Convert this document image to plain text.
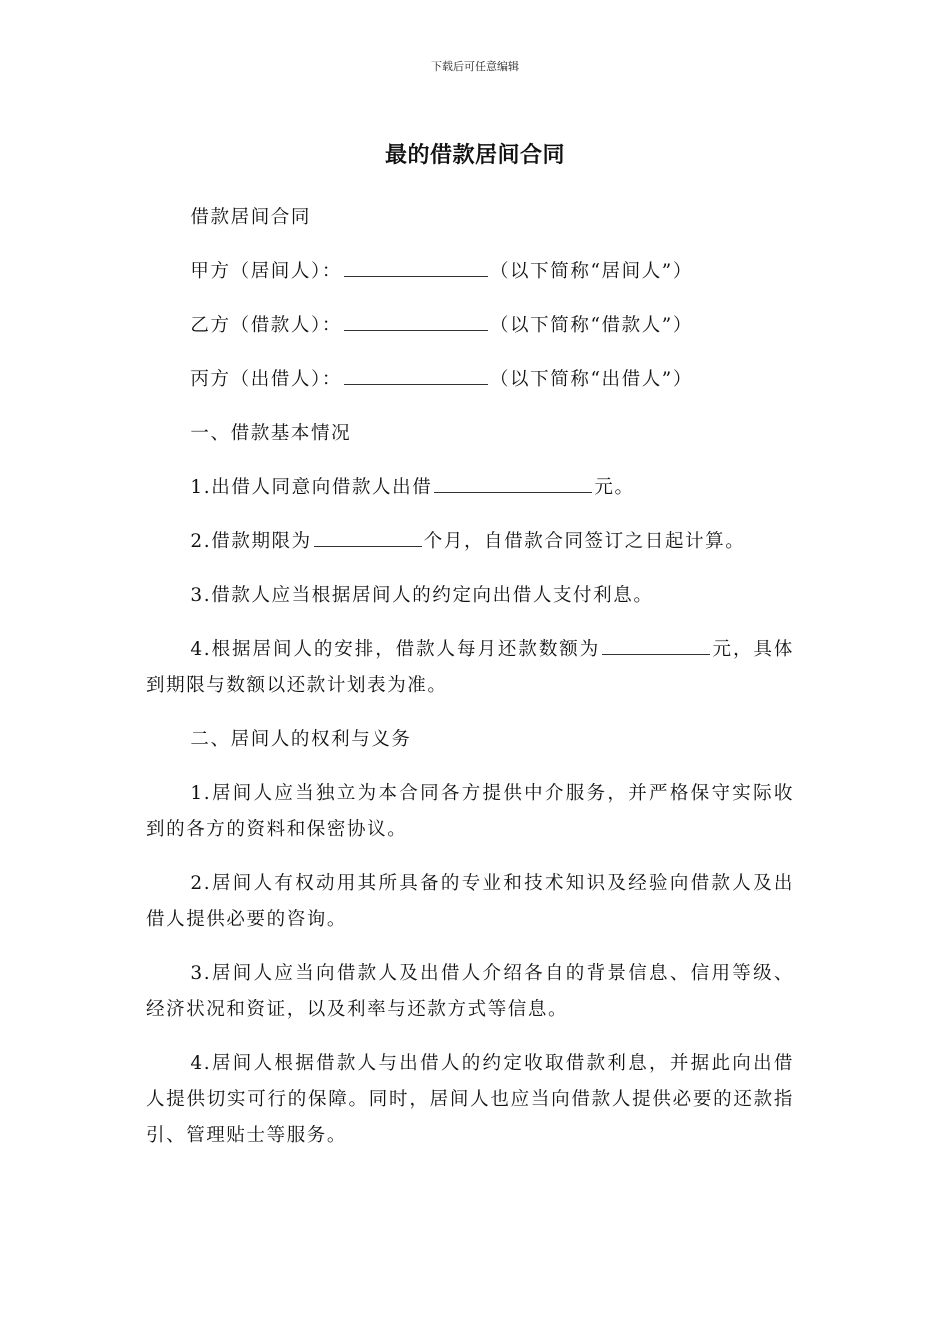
下载后可任意编辑
最的借款居间合同

借款居间合同

甲方（居间人）：	（以下简称“居间人”）

乙方（借款人）：	（以下简称“借款人”）

丙方（出借人）：	（以下简称“出借人”）

一、借款基本情况

1.出借人同意向借款人出借	元。

2.借款期限为	个月，自借款合同签订之日起计算。

3.借款人应当根据居间人的约定向出借人支付利息。

4.根据居间人的安排，借款人每月还款数额为	元，具体到期限与数额以还款计划表为准。

二、居间人的权利与义务

1.居间人应当独立为本合同各方提供中介服务，并严格保守实际收到的各方的资料和保密协议。

2.居间人有权动用其所具备的专业和技术知识及经验向借款人及出借人提供必要的咨询。

3.居间人应当向借款人及出借人介绍各自的背景信息、信用等级、经济状况和资证，以及利率与还款方式等信息。

4.居间人根据借款人与出借人的约定收取借款利息，并据此向出借人提供切实可行的保障。同时，居间人也应当向借款人提供必要的还款指引、管理贴士等服务。
